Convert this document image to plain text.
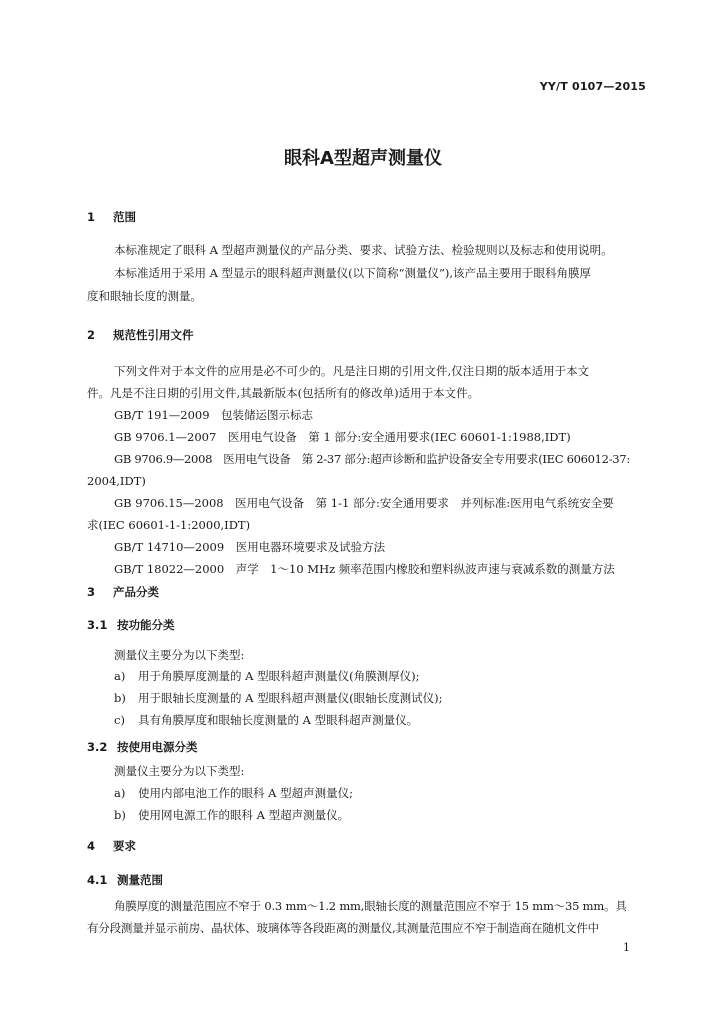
YY/T 0107—2015
眼科A型超声测量仪
1 范围
本标准规定了眼科 A 型超声测量仪的产品分类、要求、试验方法、检验规则以及标志和使用说明。
本标准适用于采用 A 型显示的眼科超声测量仪(以下简称“测量仪”),该产品主要用于眼科角膜厚
度和眼轴长度的测量。
2 规范性引用文件
下列文件对于本文件的应用是必不可少的。凡是注日期的引用文件,仅注日期的版本适用于本文
件。凡是不注日期的引用文件,其最新版本(包括所有的修改单)适用于本文件。
GB/T 191—2009　包装储运图示标志
GB 9706.1—2007　医用电气设备　第 1 部分:安全通用要求(IEC 60601-1:1988,IDT)
GB 9706.9—2008　医用电气设备　第 2-37 部分:超声诊断和监护设备安全专用要求(IEC 606012-37:
2004,IDT)
GB 9706.15—2008　医用电气设备　第 1-1 部分:安全通用要求　并列标准:医用电气系统安全要
求(IEC 60601-1-1:2000,IDT)
GB/T 14710—2009　医用电器环境要求及试验方法
GB/T 18022—2000　声学　1～10 MHz 频率范围内橡胶和塑料纵波声速与衰减系数的测量方法
3 产品分类
3.1 按功能分类
测量仪主要分为以下类型:
a) 用于角膜厚度测量的 A 型眼科超声测量仪(角膜测厚仪);
b) 用于眼轴长度测量的 A 型眼科超声测量仪(眼轴长度测试仪);
c) 具有角膜厚度和眼轴长度测量的 A 型眼科超声测量仪。
3.2 按使用电源分类
测量仪主要分为以下类型:
a) 使用内部电池工作的眼科 A 型超声测量仪;
b) 使用网电源工作的眼科 A 型超声测量仪。
4 要求
4.1 测量范围
角膜厚度的测量范围应不窄于 0.3 mm～1.2 mm,眼轴长度的测量范围应不窄于 15 mm～35 mm。具
有分段测量并显示前房、晶状体、玻璃体等各段距离的测量仪,其测量范围应不窄于制造商在随机文件中
1
